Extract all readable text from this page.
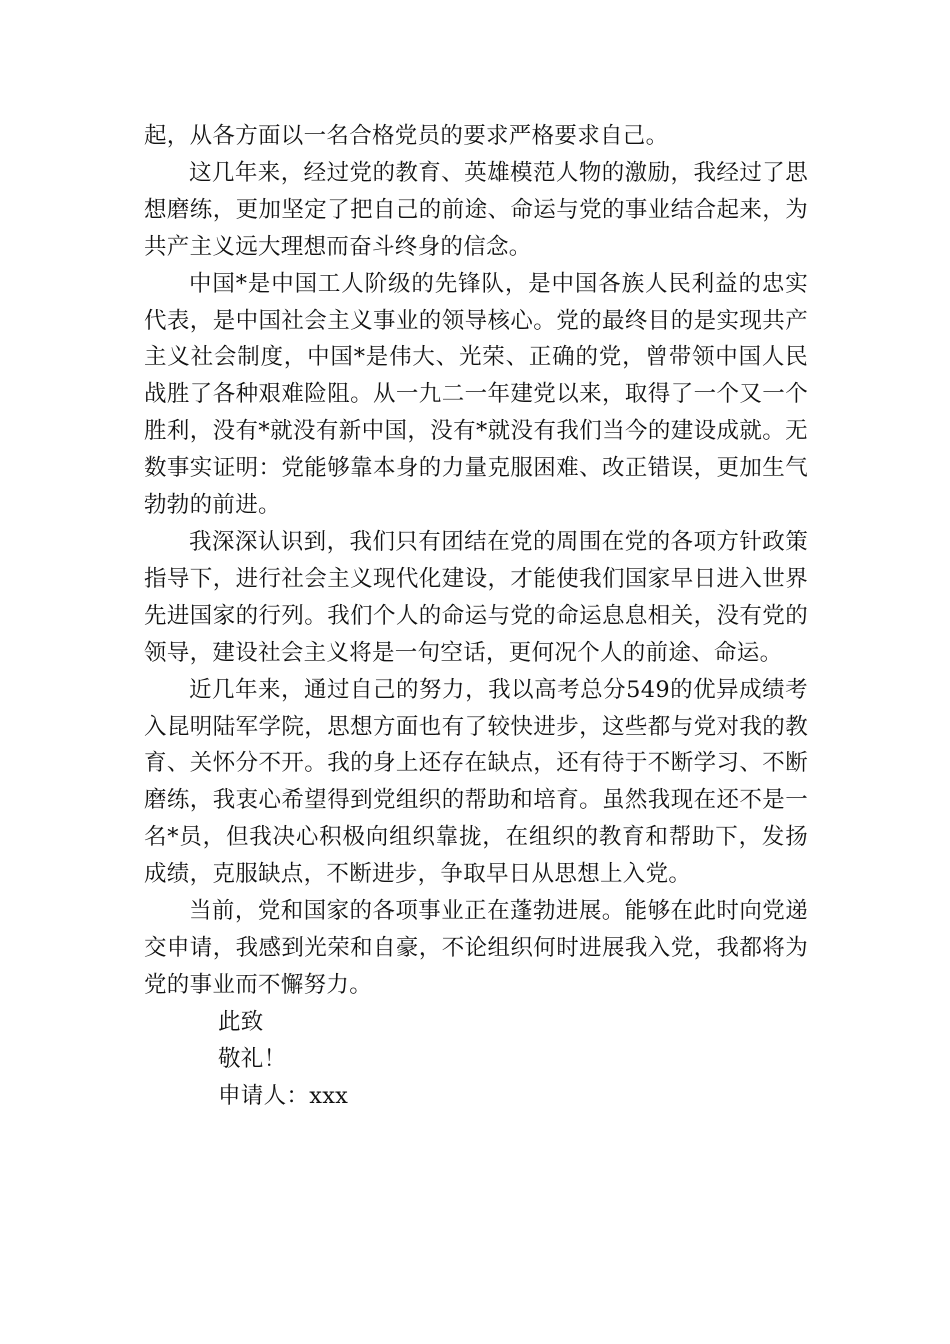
起，从各方面以一名合格党员的要求严格要求自己。

这几年来，经过党的教育、英雄模范人物的激励，我经过了思想磨练，更加坚定了把自己的前途、命运与党的事业结合起来，为共产主义远大理想而奋斗终身的信念。

中国*是中国工人阶级的先锋队，是中国各族人民利益的忠实代表，是中国社会主义事业的领导核心。党的最终目的是实现共产主义社会制度，中国*是伟大、光荣、正确的党，曾带领中国人民战胜了各种艰难险阻。从一九二一年建党以来，取得了一个又一个胜利，没有*就没有新中国，没有*就没有我们当今的建设成就。无数事实证明：党能够靠本身的力量克服困难、改正错误，更加生气勃勃的前进。

我深深认识到，我们只有团结在党的周围在党的各项方针政策指导下，进行社会主义现代化建设，才能使我们国家早日进入世界先进国家的行列。我们个人的命运与党的命运息息相关，没有党的领导，建设社会主义将是一句空话，更何况个人的前途、命运。

近几年来，通过自己的努力，我以高考总分549的优异成绩考入昆明陆军学院，思想方面也有了较快进步，这些都与党对我的教育、关怀分不开。我的身上还存在缺点，还有待于不断学习、不断磨练，我衷心希望得到党组织的帮助和培育。虽然我现在还不是一名*员，但我决心积极向组织靠拢，在组织的教育和帮助下，发扬成绩，克服缺点，不断进步，争取早日从思想上入党。

当前，党和国家的各项事业正在蓬勃进展。能够在此时向党递交申请，我感到光荣和自豪，不论组织何时进展我入党，我都将为党的事业而不懈努力。

此致

敬礼！

申请人：xxx
